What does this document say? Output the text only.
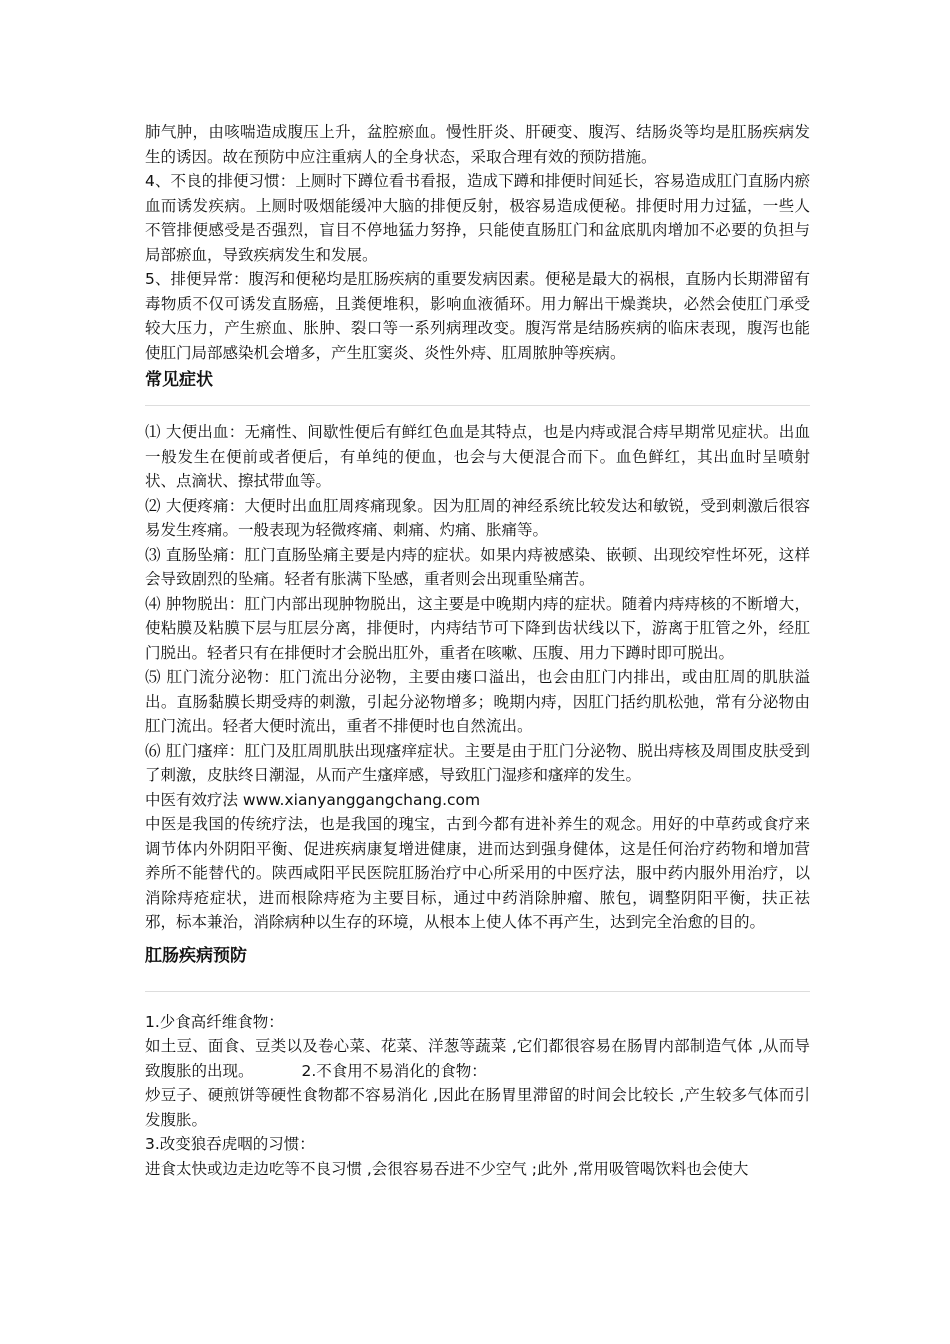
肺气肿，由咳喘造成腹压上升，盆腔瘀血。慢性肝炎、肝硬变、腹泻、结肠炎等均是肛肠疾病发生的诱因。故在预防中应注重病人的全身状态，采取合理有效的预防措施。

4、不良的排便习惯：上厕时下蹲位看书看报，造成下蹲和排便时间延长，容易造成肛门直肠内瘀血而诱发疾病。上厕时吸烟能缓冲大脑的排便反射，极容易造成便秘。排便时用力过猛，一些人不管排便感受是否强烈，盲目不停地猛力努挣，只能使直肠肛门和盆底肌肉增加不必要的负担与局部瘀血，导致疾病发生和发展。

5、排便异常：腹泻和便秘均是肛肠疾病的重要发病因素。便秘是最大的祸根，直肠内长期滞留有毒物质不仅可诱发直肠癌，且粪便堆积，影响血液循环。用力解出干燥粪块，必然会使肛门承受较大压力，产生瘀血、胀肿、裂口等一系列病理改变。腹泻常是结肠疾病的临床表现，腹泻也能使肛门局部感染机会增多，产生肛窦炎、炎性外痔、肛周脓肿等疾病。

常见症状

⑴ 大便出血：无痛性、间歇性便后有鲜红色血是其特点，也是内痔或混合痔早期常见症状。出血一般发生在便前或者便后，有单纯的便血，也会与大便混合而下。血色鲜红，其出血时呈喷射状、点滴状、擦拭带血等。

⑵ 大便疼痛：大便时出血肛周疼痛现象。因为肛周的神经系统比较发达和敏锐，受到刺激后很容易发生疼痛。一般表现为轻微疼痛、刺痛、灼痛、胀痛等。

⑶ 直肠坠痛：肛门直肠坠痛主要是内痔的症状。如果内痔被感染、嵌顿、出现绞窄性坏死，这样会导致剧烈的坠痛。轻者有胀满下坠感，重者则会出现重坠痛苦。

⑷ 肿物脱出：肛门内部出现肿物脱出，这主要是中晚期内痔的症状。随着内痔痔核的不断增大，使粘膜及粘膜下层与肛层分离，排便时，内痔结节可下降到齿状线以下，游离于肛管之外，经肛门脱出。轻者只有在排便时才会脱出肛外，重者在咳嗽、压腹、用力下蹲时即可脱出。

⑸ 肛门流分泌物：肛门流出分泌物，主要由瘘口溢出，也会由肛门内排出，或由肛周的肌肤溢出。直肠黏膜长期受痔的刺激，引起分泌物增多；晚期内痔，因肛门括约肌松弛，常有分泌物由肛门流出。轻者大便时流出，重者不排便时也自然流出。

⑹ 肛门瘙痒：肛门及肛周肌肤出现瘙痒症状。主要是由于肛门分泌物、脱出痔核及周围皮肤受到了刺激，皮肤终日潮湿，从而产生瘙痒感，导致肛门湿疹和瘙痒的发生。

中医有效疗法 www.xianyanggangchang.com

中医是我国的传统疗法，也是我国的瑰宝，古到今都有进补养生的观念。用好的中草药或食疗来调节体内外阴阳平衡、促进疾病康复增进健康，进而达到强身健体，这是任何治疗药物和增加营养所不能替代的。陕西咸阳平民医院肛肠治疗中心所采用的中医疗法，服中药内服外用治疗，以消除痔疮症状，进而根除痔疮为主要目标，通过中药消除肿瘤、脓包，调整阴阳平衡，扶正祛邪，标本兼治，消除病种以生存的环境，从根本上使人体不再产生，达到完全治愈的目的。

肛肠疾病预防

1.少食高纤维食物：

如土豆、面食、豆类以及卷心菜、花菜、洋葱等蔬菜 ,它们都很容易在肠胃内部制造气体 ,从而导致腹胀的出现。	2.不食用不易消化的食物：

炒豆子、硬煎饼等硬性食物都不容易消化 ,因此在肠胃里滞留的时间会比较长 ,产生较多气体而引发腹胀。

3.改变狼吞虎咽的习惯：

进食太快或边走边吃等不良习惯 ,会很容易吞进不少空气 ;此外 ,常用吸管喝饮料也会使大
